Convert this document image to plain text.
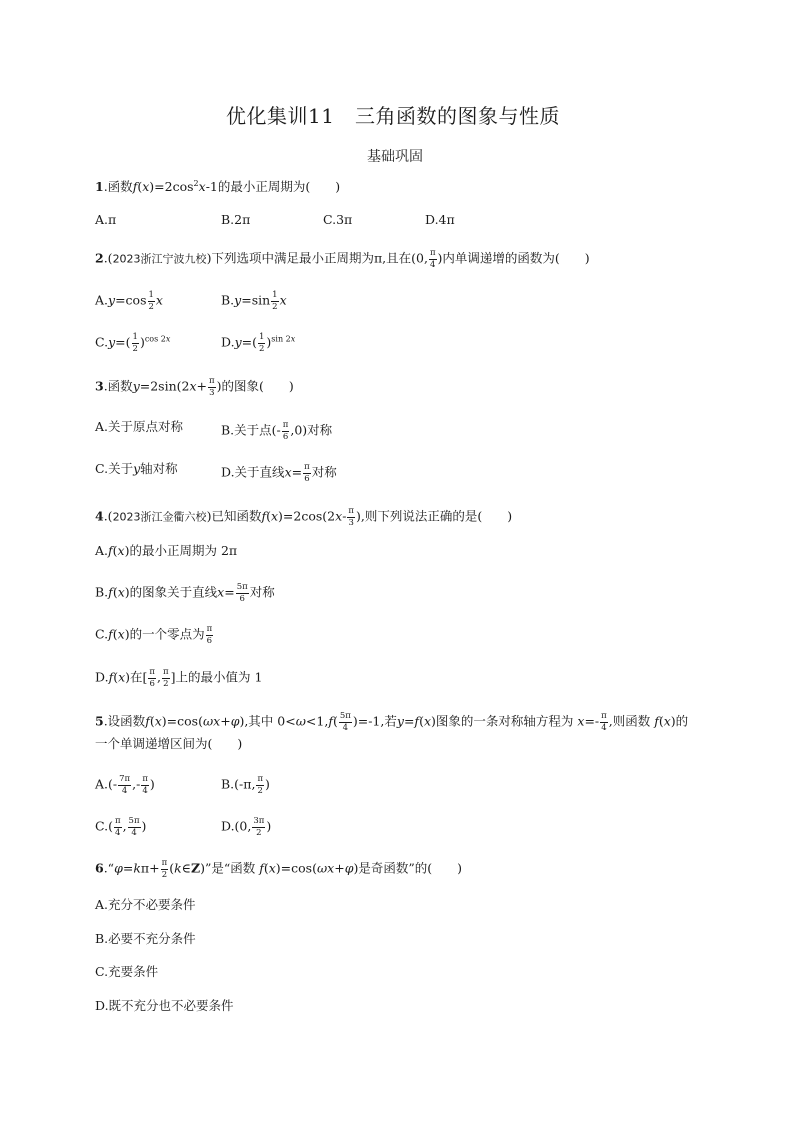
优化集训11　三角函数的图象与性质
基础巩固
1.函数$f(x)=2\cos^2x-1$的最小正周期为(　　)
A.π	B.2π	C.3π	D.4π
2.(2023浙江宁波九校)下列选项中满足最小正周期为π,且在(0, $\frac{\pi}{4}$ )内单调递增的函数为(　　)
$A.y=\cos \frac{1}{2}$ x	$B.y=\sin \frac{1}{2}$ x
$C.y=( \frac{1}{2} )^{cos 2x}$	$D.y=( \frac{1}{2} )^{sin 2x}$
3.函数$y=2\sin(2x+ \frac{\pi}{3}$ )的图象(　　)
A.关于原点对称	B.关于点(- $\frac{\pi}{6} ,0$)对称
C.关于y轴对称	D.关于直线$x= \frac{\pi}{6}$ 对称
4.(2023浙江金衢六校)已知函数$f(x)=2\cos(2x- \frac{\pi}{3}$ ),则下列说法正确的是(　　)
A.f(x)的最小正周期为 2π
B.f(x)的图象关于直线$x= \frac{5\pi}{6}$ 对称
C.f(x)的一个零点为 $\frac{\pi}{6}$
D.f(x)在[ $\frac{\pi}{6}$ , $\frac{\pi}{2}$ ]上的最小值为 1
5.设函数f(x)=cos(ωx+φ),其中 $0<\omega<1,f( \frac{5\pi}{4} )=-1$,若y=f(x)图象的一条对称轴方程为 $x=- \frac{\pi}{4}$ ,则函数 f(x)的
一个单调递增区间为(　　)
$A.(- \frac{7\pi}{4}$ ,- $\frac{\pi}{4}$ )	B.(-π, $\frac{\pi}{2}$ )
$C.( \frac{\pi}{4}$ , $\frac{5\pi}{4}$ )	D.(0, $\frac{3\pi}{2}$ )
6.“φ=kπ+ $\frac{\pi}{2}$ (k∈Z)”是“函数 f(x)=cos(ωx+φ)是奇函数”的(　　)
A.充分不必要条件
B.必要不充分条件
C.充要条件
D.既不充分也不必要条件
